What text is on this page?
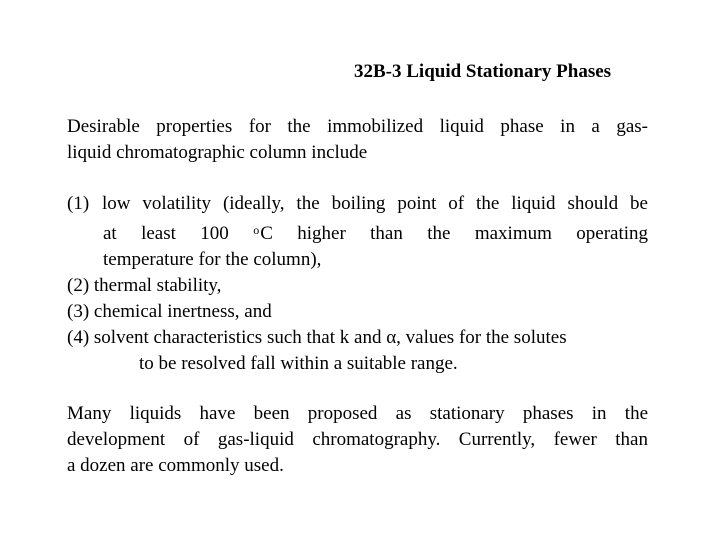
32B-3 Liquid Stationary Phases
Desirable properties for the immobilized liquid phase in a gas-
liquid chromatographic column include
(1) low volatility (ideally, the boiling point of the liquid should be
at least 100 $^o$C higher than the maximum operating
temperature for the column),
(2) thermal stability,
(3) chemical inertness, and
(4) solvent characteristics such that k and α, values for the solutes
to be resolved fall within a suitable range.
Many liquids have been proposed as stationary phases in the
development of gas-liquid chromatography. Currently, fewer than
a dozen are commonly used.
